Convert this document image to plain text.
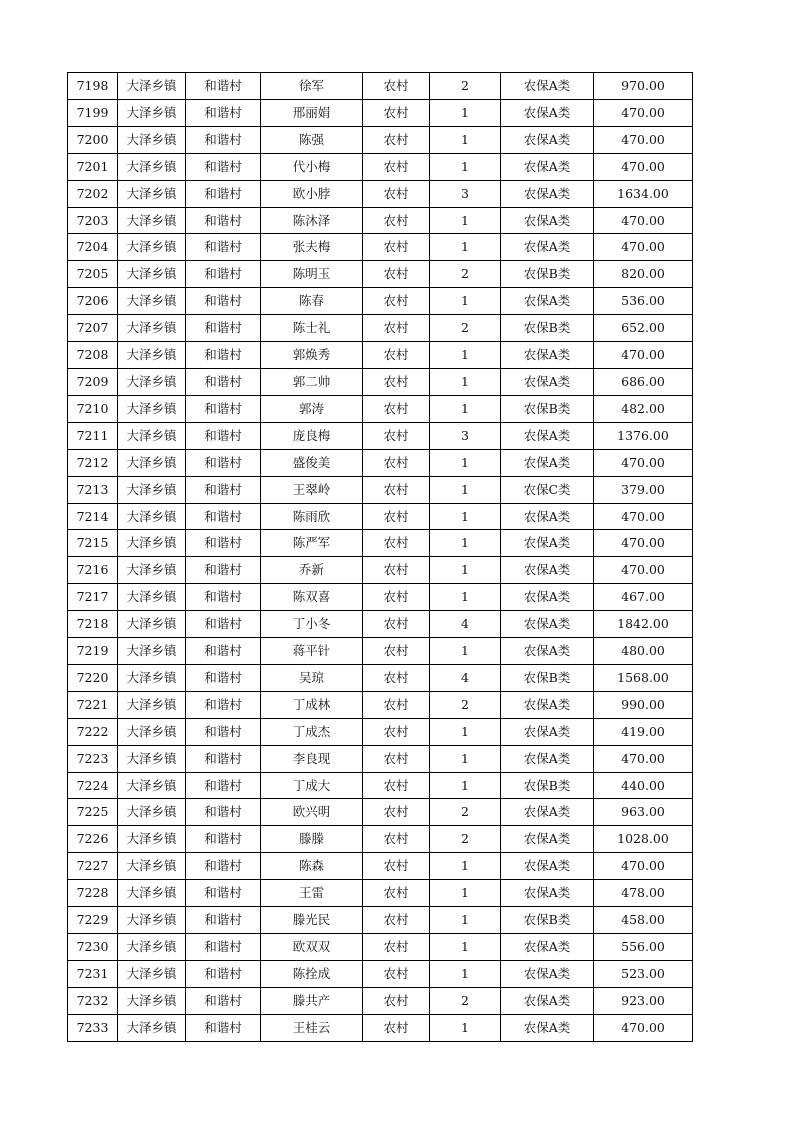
7198	大泽乡镇	和谐村	徐军	农村	2	农保A类	970.00
7199	大泽乡镇	和谐村	邢丽娟	农村	1	农保A类	470.00
7200	大泽乡镇	和谐村	陈强	农村	1	农保A类	470.00
7201	大泽乡镇	和谐村	代小梅	农村	1	农保A类	470.00
7202	大泽乡镇	和谐村	欧小脖	农村	3	农保A类	1634.00
7203	大泽乡镇	和谐村	陈沐泽	农村	1	农保A类	470.00
7204	大泽乡镇	和谐村	张夫梅	农村	1	农保A类	470.00
7205	大泽乡镇	和谐村	陈明玉	农村	2	农保B类	820.00
7206	大泽乡镇	和谐村	陈春	农村	1	农保A类	536.00
7207	大泽乡镇	和谐村	陈士礼	农村	2	农保B类	652.00
7208	大泽乡镇	和谐村	郭焕秀	农村	1	农保A类	470.00
7209	大泽乡镇	和谐村	郭二帅	农村	1	农保A类	686.00
7210	大泽乡镇	和谐村	郭涛	农村	1	农保B类	482.00
7211	大泽乡镇	和谐村	庞良梅	农村	3	农保A类	1376.00
7212	大泽乡镇	和谐村	盛俊美	农村	1	农保A类	470.00
7213	大泽乡镇	和谐村	王翠岭	农村	1	农保C类	379.00
7214	大泽乡镇	和谐村	陈雨欣	农村	1	农保A类	470.00
7215	大泽乡镇	和谐村	陈严军	农村	1	农保A类	470.00
7216	大泽乡镇	和谐村	乔新	农村	1	农保A类	470.00
7217	大泽乡镇	和谐村	陈双喜	农村	1	农保A类	467.00
7218	大泽乡镇	和谐村	丁小冬	农村	4	农保A类	1842.00
7219	大泽乡镇	和谐村	蒋平针	农村	1	农保A类	480.00
7220	大泽乡镇	和谐村	吴琼	农村	4	农保B类	1568.00
7221	大泽乡镇	和谐村	丁成林	农村	2	农保A类	990.00
7222	大泽乡镇	和谐村	丁成杰	农村	1	农保A类	419.00
7223	大泽乡镇	和谐村	李良现	农村	1	农保A类	470.00
7224	大泽乡镇	和谐村	丁成大	农村	1	农保B类	440.00
7225	大泽乡镇	和谐村	欧兴明	农村	2	农保A类	963.00
7226	大泽乡镇	和谐村	滕滕	农村	2	农保A类	1028.00
7227	大泽乡镇	和谐村	陈森	农村	1	农保A类	470.00
7228	大泽乡镇	和谐村	王雷	农村	1	农保A类	478.00
7229	大泽乡镇	和谐村	滕光民	农村	1	农保B类	458.00
7230	大泽乡镇	和谐村	欧双双	农村	1	农保A类	556.00
7231	大泽乡镇	和谐村	陈拴成	农村	1	农保A类	523.00
7232	大泽乡镇	和谐村	滕共产	农村	2	农保A类	923.00
7233	大泽乡镇	和谐村	王桂云	农村	1	农保A类	470.00
